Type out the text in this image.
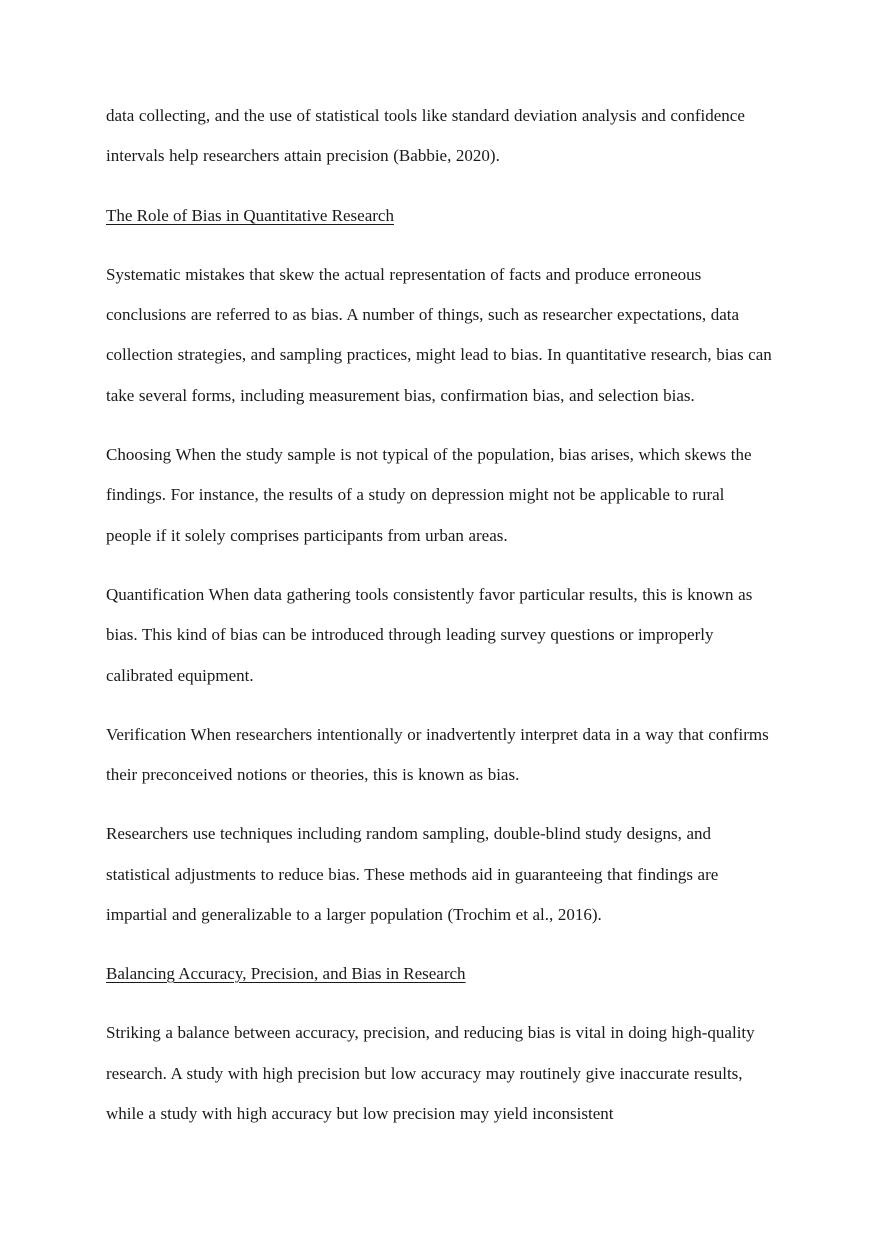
data collecting, and the use of statistical tools like standard deviation analysis and confidence intervals help researchers attain precision (Babbie, 2020).

The Role of Bias in Quantitative Research

Systematic mistakes that skew the actual representation of facts and produce erroneous conclusions are referred to as bias. A number of things, such as researcher expectations, data collection strategies, and sampling practices, might lead to bias. In quantitative research, bias can take several forms, including measurement bias, confirmation bias, and selection bias.

Choosing When the study sample is not typical of the population, bias arises, which skews the findings. For instance, the results of a study on depression might not be applicable to rural people if it solely comprises participants from urban areas.

Quantification When data gathering tools consistently favor particular results, this is known as bias. This kind of bias can be introduced through leading survey questions or improperly calibrated equipment.

Verification When researchers intentionally or inadvertently interpret data in a way that confirms their preconceived notions or theories, this is known as bias.

Researchers use techniques including random sampling, double-blind study designs, and statistical adjustments to reduce bias. These methods aid in guaranteeing that findings are impartial and generalizable to a larger population (Trochim et al., 2016).

Balancing Accuracy, Precision, and Bias in Research

Striking a balance between accuracy, precision, and reducing bias is vital in doing high-quality research. A study with high precision but low accuracy may routinely give inaccurate results, while a study with high accuracy but low precision may yield inconsistent
